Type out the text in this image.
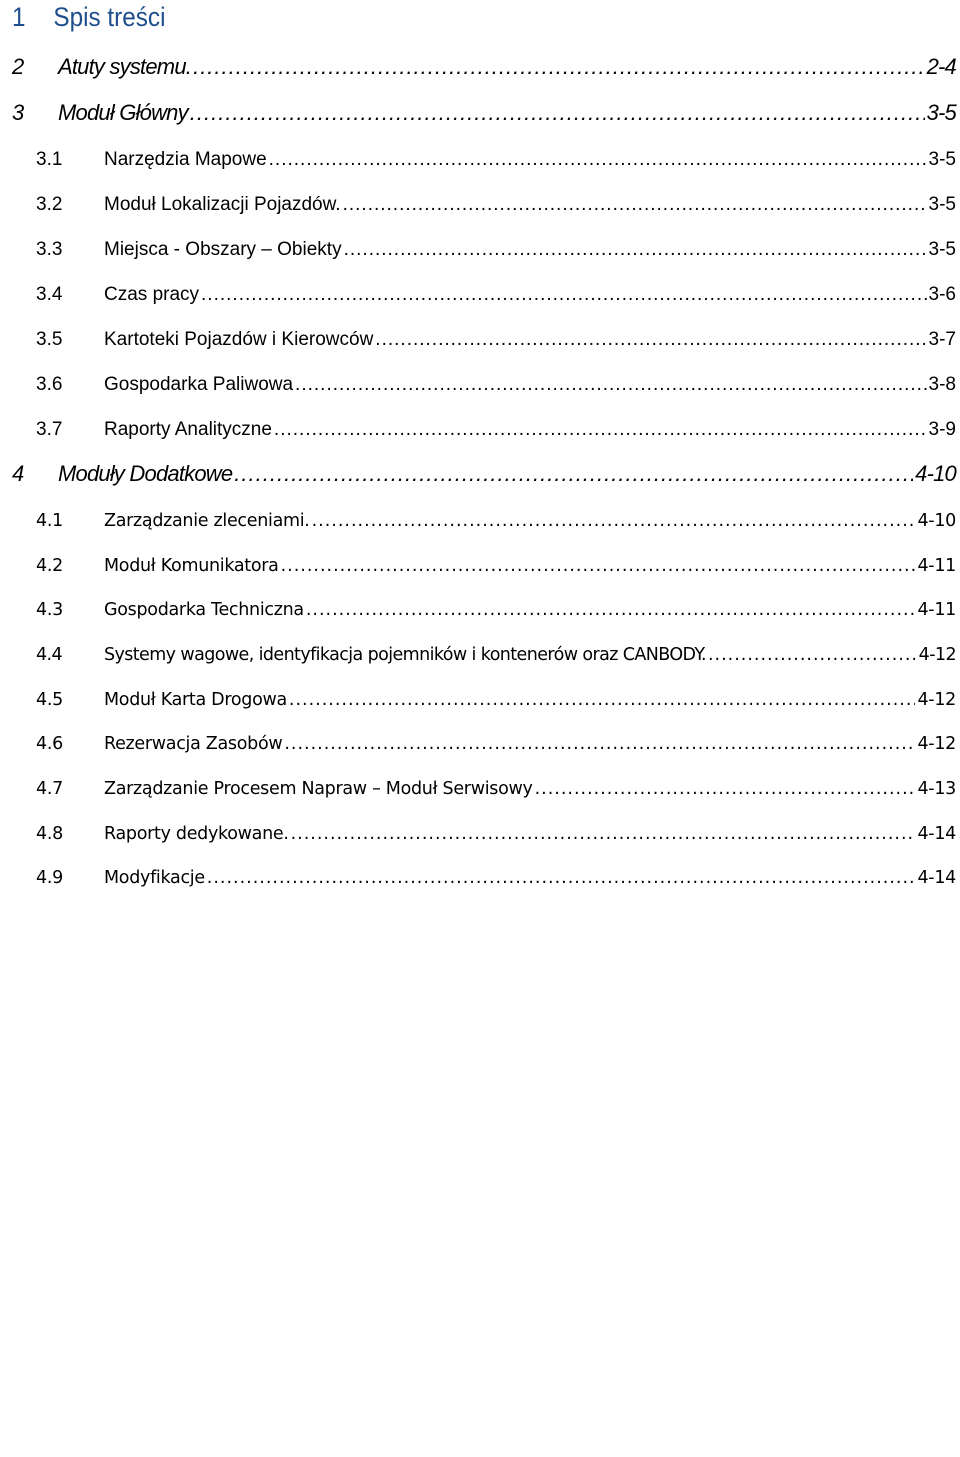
1	Spis treści
2	Atuty systemu. .....	2-4
3	Moduł Główny .....	3-5
3.1	Narzędzia Mapowe .....	3-5
3.2	Moduł Lokalizacji Pojazdów. .....	3-5
3.3	Miejsca - Obszary – Obiekty .....	3-5
3.4	Czas pracy .....	3-6
3.5	Kartoteki Pojazdów i Kierowców .....	3-7
3.6	Gospodarka Paliwowa .....	3-8
3.7	Raporty Analityczne .....	3-9
4	Moduły Dodatkowe .....	4-10
4.1	Zarządzanie zleceniami. .....	4-10
4.2	Moduł Komunikatora .....	4-11
4.3	Gospodarka Techniczna .....	4-11
4.4	Systemy wagowe, identyfikacja pojemników i kontenerów oraz CANBODY. .....	4-12
4.5	Moduł Karta Drogowa .....	4-12
4.6	Rezerwacja Zasobów .....	4-12
4.7	Zarządzanie Procesem Napraw – Moduł Serwisowy .....	4-13
4.8	Raporty dedykowane. .....	4-14
4.9	Modyfikacje .....	4-14
